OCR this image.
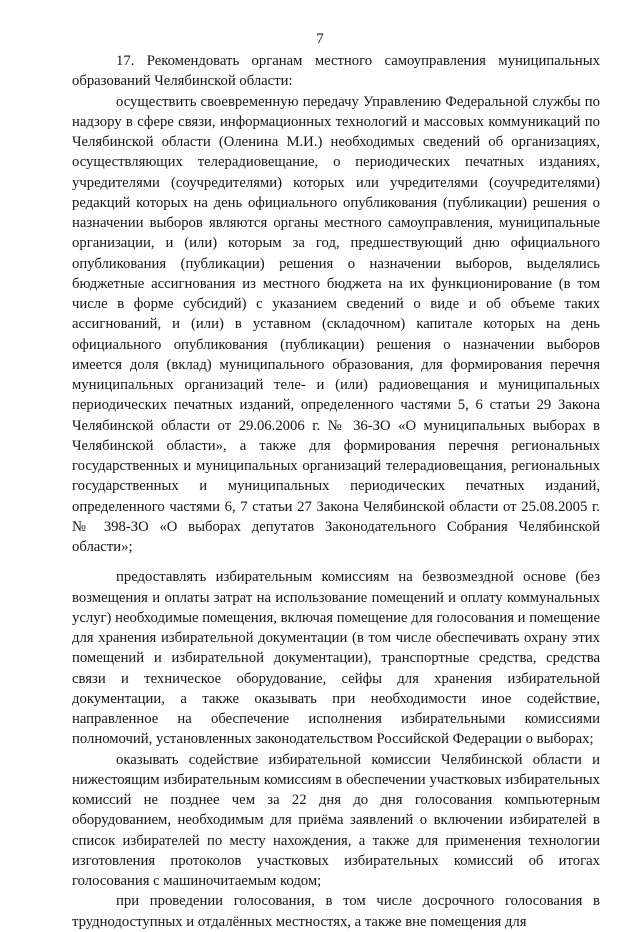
7

17. Рекомендовать органам местного самоуправления муниципальных образований Челябинской области:

осуществить своевременную передачу Управлению Федеральной службы по надзору в сфере связи, информационных технологий и массовых коммуникаций по Челябинской области (Оленина М.И.) необходимых сведений об организациях, осуществляющих телерадиовещание, о периодических печатных изданиях, учредителями (соучредителями) которых или учредителями (соучредителями) редакций которых на день официального опубликования (публикации) решения о назначении выборов являются органы местного самоуправления, муниципальные организации, и (или) которым за год, предшествующий дню официального опубликования (публикации) решения о назначении выборов, выделялись бюджетные ассигнования из местного бюджета на их функционирование (в том числе в форме субсидий) с указанием сведений о виде и об объеме таких ассигнований, и (или) в уставном (складочном) капитале которых на день официального опубликования (публикации) решения о назначении выборов имеется доля (вклад) муниципального образования, для формирования перечня муниципальных организаций теле- и (или) радиовещания и муниципальных периодических печатных изданий, определенного частями 5, 6 статьи 29 Закона Челябинской области от 29.06.2006 г. № 36-ЗО «О муниципальных выборах в Челябинской области», а также для формирования перечня региональных государственных и муниципальных организаций телерадиовещания, региональных государственных и муниципальных периодических печатных изданий, определенного частями 6, 7 статьи 27 Закона Челябинской области от 25.08.2005 г. № 398-ЗО «О выборах депутатов Законодательного Собрания Челябинской области»;

предоставлять избирательным комиссиям на безвозмездной основе (без возмещения и оплаты затрат на использование помещений и оплату коммунальных услуг) необходимые помещения, включая помещение для голосования и помещение для хранения избирательной документации (в том числе обеспечивать охрану этих помещений и избирательной документации), транспортные средства, средства связи и техническое оборудование, сейфы для хранения избирательной документации, а также оказывать при необходимости иное содействие, направленное на обеспечение исполнения избирательными комиссиями полномочий, установленных законодательством Российской Федерации о выборах;

оказывать содействие избирательной комиссии Челябинской области и нижестоящим избирательным комиссиям в обеспечении участковых избирательных комиссий не позднее чем за 22 дня до дня голосования компьютерным оборудованием, необходимым для приёма заявлений о включении избирателей в список избирателей по месту нахождения, а также для применения технологии изготовления протоколов участковых избирательных комиссий об итогах голосования с машиночитаемым кодом;

при проведении голосования, в том числе досрочного голосования в труднодоступных и отдалённых местностях, а также вне помещения для
